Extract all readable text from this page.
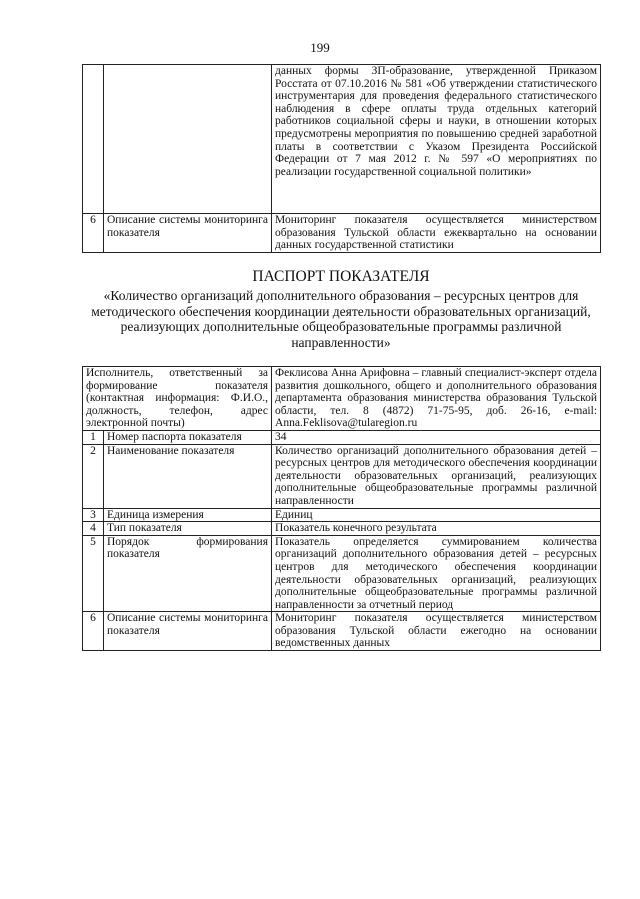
199
		данных формы ЗП-образование, утвержденной Приказом Росстата от 07.10.2016 № 581 «Об утверждении статистического инструментария для проведения федерального статистического наблюдения в сфере оплаты труда отдельных категорий работников социальной сферы и науки, в отношении которых предусмотрены мероприятия по повышению средней заработной платы в соответствии с Указом Президента Российской Федерации от 7 мая 2012 г. № 597 «О мероприятиях по реализации государственной социальной политики»
6	Описание системы мониторинга показателя	Мониторинг показателя осуществляется министерством образования Тульской области ежеквартально на основании данных государственной статистики
ПАСПОРТ ПОКАЗАТЕЛЯ
«Количество организаций дополнительного образования – ресурсных центров для методического обеспечения координации деятельности образовательных организаций, реализующих дополнительные общеобразовательные программы различной направленности»
Исполнитель, ответственный за формирование показателя (контактная информация: Ф.И.О., должность, телефон, адрес электронной почты)		Феклисова Анна Арифовна – главный специалист-эксперт отдела развития дошкольного, общего и дополнительного образования департамента образования министерства образования Тульской области, тел. 8 (4872) 71-75-95, доб. 26-16, e-mail: Anna.Feklisova@tularegion.ru
1	Номер паспорта показателя	34
2	Наименование показателя	Количество организаций дополнительного образования детей – ресурсных центров для методического обеспечения координации деятельности образовательных организаций, реализующих дополнительные общеобразовательные программы различной направленности
3	Единица измерения	Единиц
4	Тип показателя	Показатель конечного результата
5	Порядок формирования показателя	Показатель определяется суммированием количества организаций дополнительного образования детей – ресурсных центров для методического обеспечения координации деятельности образовательных организаций, реализующих дополнительные общеобразовательные программы различной направленности за отчетный период
6	Описание системы мониторинга показателя	Мониторинг показателя осуществляется министерством образования Тульской области ежегодно на основании ведомственных данных
